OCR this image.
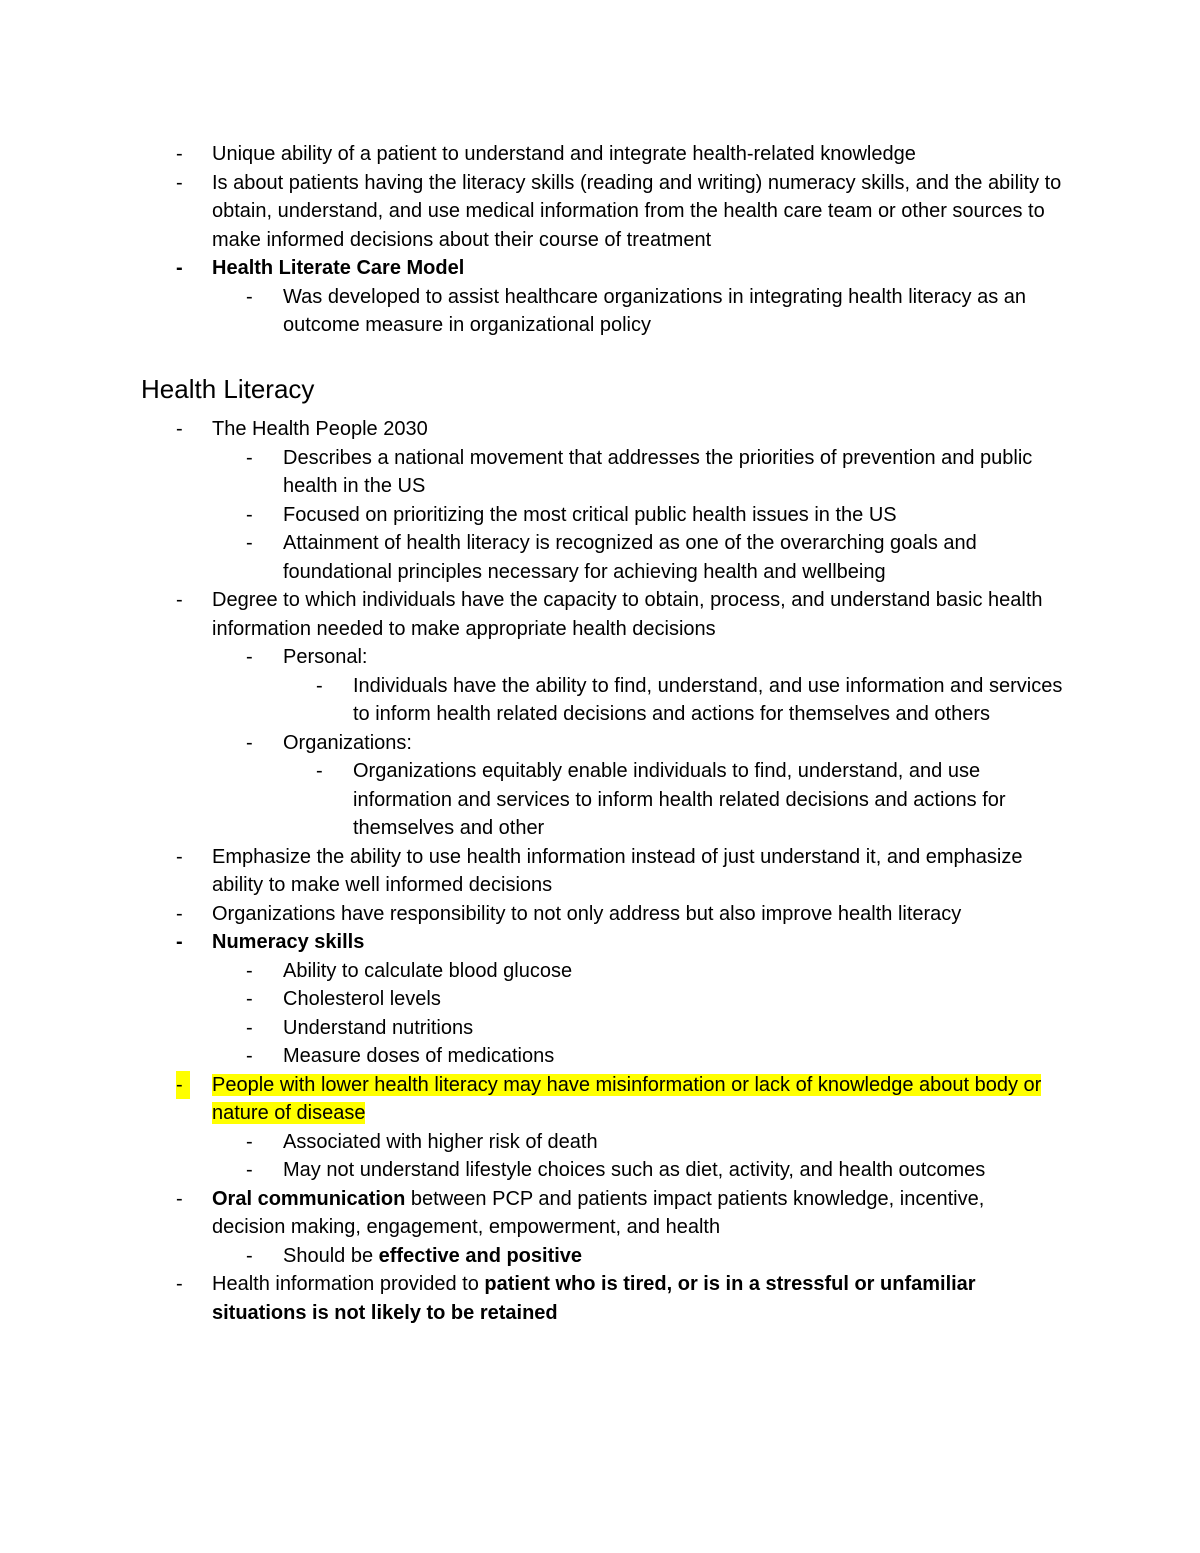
-	Unique ability of a patient to understand and integrate health-related knowledge
-	Is about patients having the literacy skills (reading and writing) numeracy skills, and the ability to obtain, understand, and use medical information from the health care team or other sources to make informed decisions about their course of treatment
-	Health Literate Care Model
-	Was developed to assist healthcare organizations in integrating health literacy as an outcome measure in organizational policy
Health Literacy
-	The Health People 2030
-	Describes a national movement that addresses the priorities of prevention and public health in the US
-	Focused on prioritizing the most critical public health issues in the US
-	Attainment of health literacy is recognized as one of the overarching goals and foundational principles necessary for achieving health and wellbeing
-	Degree to which individuals have the capacity to obtain, process, and understand basic health information needed to make appropriate health decisions
-	Personal:
-	Individuals have the ability to find, understand, and use information and services to inform health related decisions and actions for themselves and others
-	Organizations:
-	Organizations equitably enable individuals to find, understand, and use information and services to inform health related decisions and actions for themselves and other
-	Emphasize the ability to use health information instead of just understand it, and emphasize ability to make well informed decisions
-	Organizations have responsibility to not only address but also improve health literacy
-	Numeracy skills
-	Ability to calculate blood glucose
-	Cholesterol levels
-	Understand nutritions
-	Measure doses of medications
-	People with lower health literacy may have misinformation or lack of knowledge about body or nature of disease
-	Associated with higher risk of death
-	May not understand lifestyle choices such as diet, activity, and health outcomes
-	Oral communication between PCP and patients impact patients knowledge, incentive, decision making, engagement, empowerment, and health
-	Should be effective and positive
-	Health information provided to patient who is tired, or is in a stressful or unfamiliar situations is not likely to be retained
